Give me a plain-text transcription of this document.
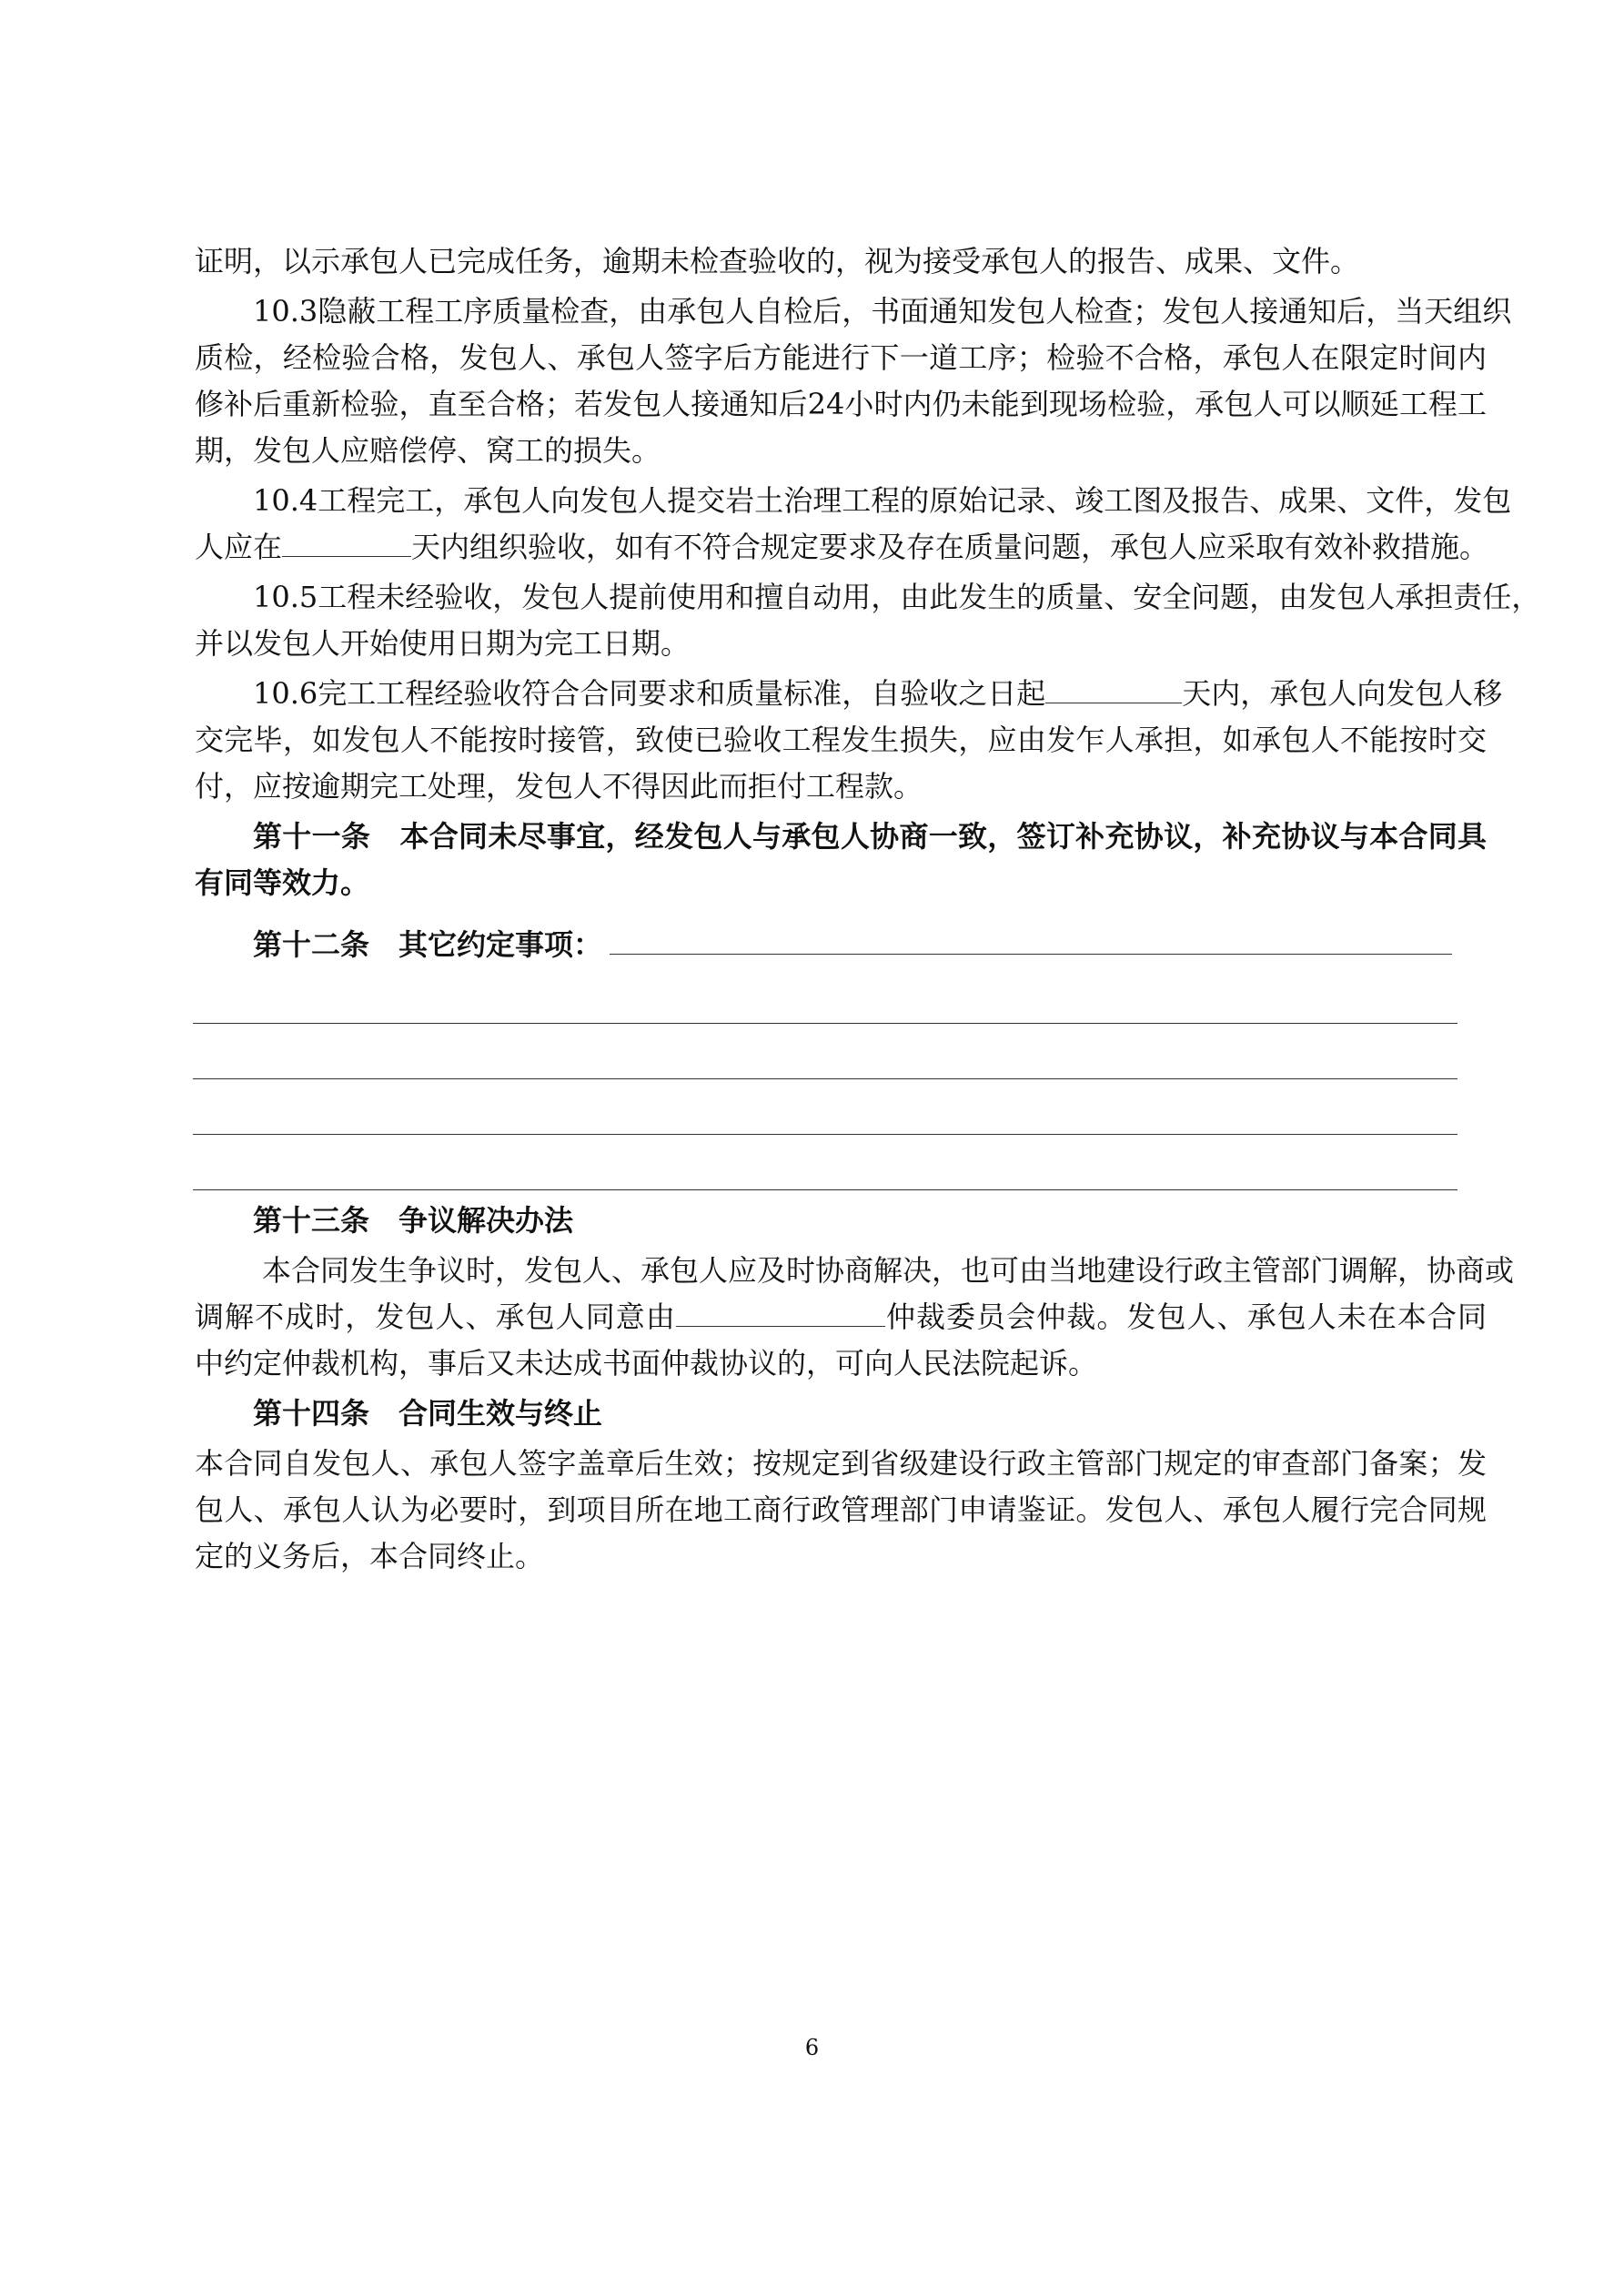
证明，以示承包人已完成任务，逾期未检查验收的，视为接受承包人的报告、成果、文件。
10.3隐蔽工程工序质量检查，由承包人自检后，书面通知发包人检查；发包人接通知后，当天组织
质检，经检验合格，发包人、承包人签字后方能进行下一道工序；检验不合格，承包人在限定时间内
修补后重新检验，直至合格；若发包人接通知后24小时内仍未能到现场检验，承包人可以顺延工程工
期，发包人应赔偿停、窝工的损失。
10.4工程完工，承包人向发包人提交岩土治理工程的原始记录、竣工图及报告、成果、文件，发包
人应在	天内组织验收，如有不符合规定要求及存在质量问题，承包人应采取有效补救措施。
10.5工程未经验收，发包人提前使用和擅自动用，由此发生的质量、安全问题，由发包人承担责任，
并以发包人开始使用日期为完工日期。
10.6完工工程经验收符合合同要求和质量标准，自验收之日起	天内，承包人向发包人移
交完毕，如发包人不能按时接管，致使已验收工程发生损失，应由发乍人承担，如承包人不能按时交
付，应按逾期完工处理，发包人不得因此而拒付工程款。
第十一条　本合同未尽事宜，经发包人与承包人协商一致，签订补充协议，补充协议与本合同具
有同等效力。
第十二条　其它约定事项：
第十三条　争议解决办法
本合同发生争议时，发包人、承包人应及时协商解决，也可由当地建设行政主管部门调解，协商或
调解不成时，发包人、承包人同意由	仲裁委员会仲裁。发包人、承包人未在本合同
中约定仲裁机构，事后又未达成书面仲裁协议的，可向人民法院起诉。
第十四条　合同生效与终止
本合同自发包人、承包人签字盖章后生效；按规定到省级建设行政主管部门规定的审查部门备案；发
包人、承包人认为必要时，到项目所在地工商行政管理部门申请鉴证。发包人、承包人履行完合同规
定的义务后，本合同终止。
6
